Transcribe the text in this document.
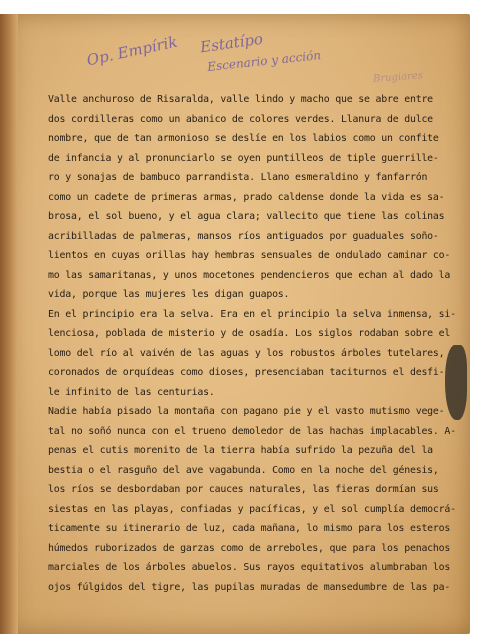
Op. Empírik Estatípo
Escenario y acción
Brugiares
Valle anchuroso de Risaralda, valle lindo y macho que se abre entre
dos cordilleras como un abanico de colores verdes. Llanura de dulce
nombre, que de tan armonioso se deslíe en los labios como un confite
de infancia y al pronunciarlo se oyen puntilleos de tiple guerrille-
ro y sonajas de bambuco parrandista. Llano esmeraldino y fanfarrón
como un cadete de primeras armas, prado caldense donde la vida es sa-
brosa, el sol bueno, y el agua clara; vallecito que tiene las colinas
acribilladas de palmeras, mansos ríos antiguados por guaduales soño-
lientos en cuyas orillas hay hembras sensuales de ondulado caminar co-
mo las samaritanas, y unos mocetones pendencieros que echan al dado la
vida, porque las mujeres les digan guapos.
En el principio era la selva. Era en el principio la selva inmensa, si-
lenciosa, poblada de misterio y de osadía. Los siglos rodaban sobre el
lomo del río al vaivén de las aguas y los robustos árboles tutelares,
coronados de orquídeas como dioses, presenciaban taciturnos el desfi-
le infinito de las centurias.
Nadie había pisado la montaña con pagano pie y el vasto mutismo vege-
tal no soñó nunca con el trueno demoledor de las hachas implacables. A-
penas el cutis morenito de la tierra había sufrido la pezuña del la
bestia o el rasguño del ave vagabunda. Como en la noche del génesis,
los ríos se desbordaban por cauces naturales, las fieras dormían sus
siestas en las playas, confiadas y pacíficas, y el sol cumplía democrá-
ticamente su itinerario de luz, cada mañana, lo mismo para los esteros
húmedos ruborizados de garzas como de arreboles, que para los penachos
marciales de los árboles abuelos. Sus rayos equitativos alumbraban los
ojos fúlgidos del tigre, las pupilas muradas de mansedumbre de las pa-
